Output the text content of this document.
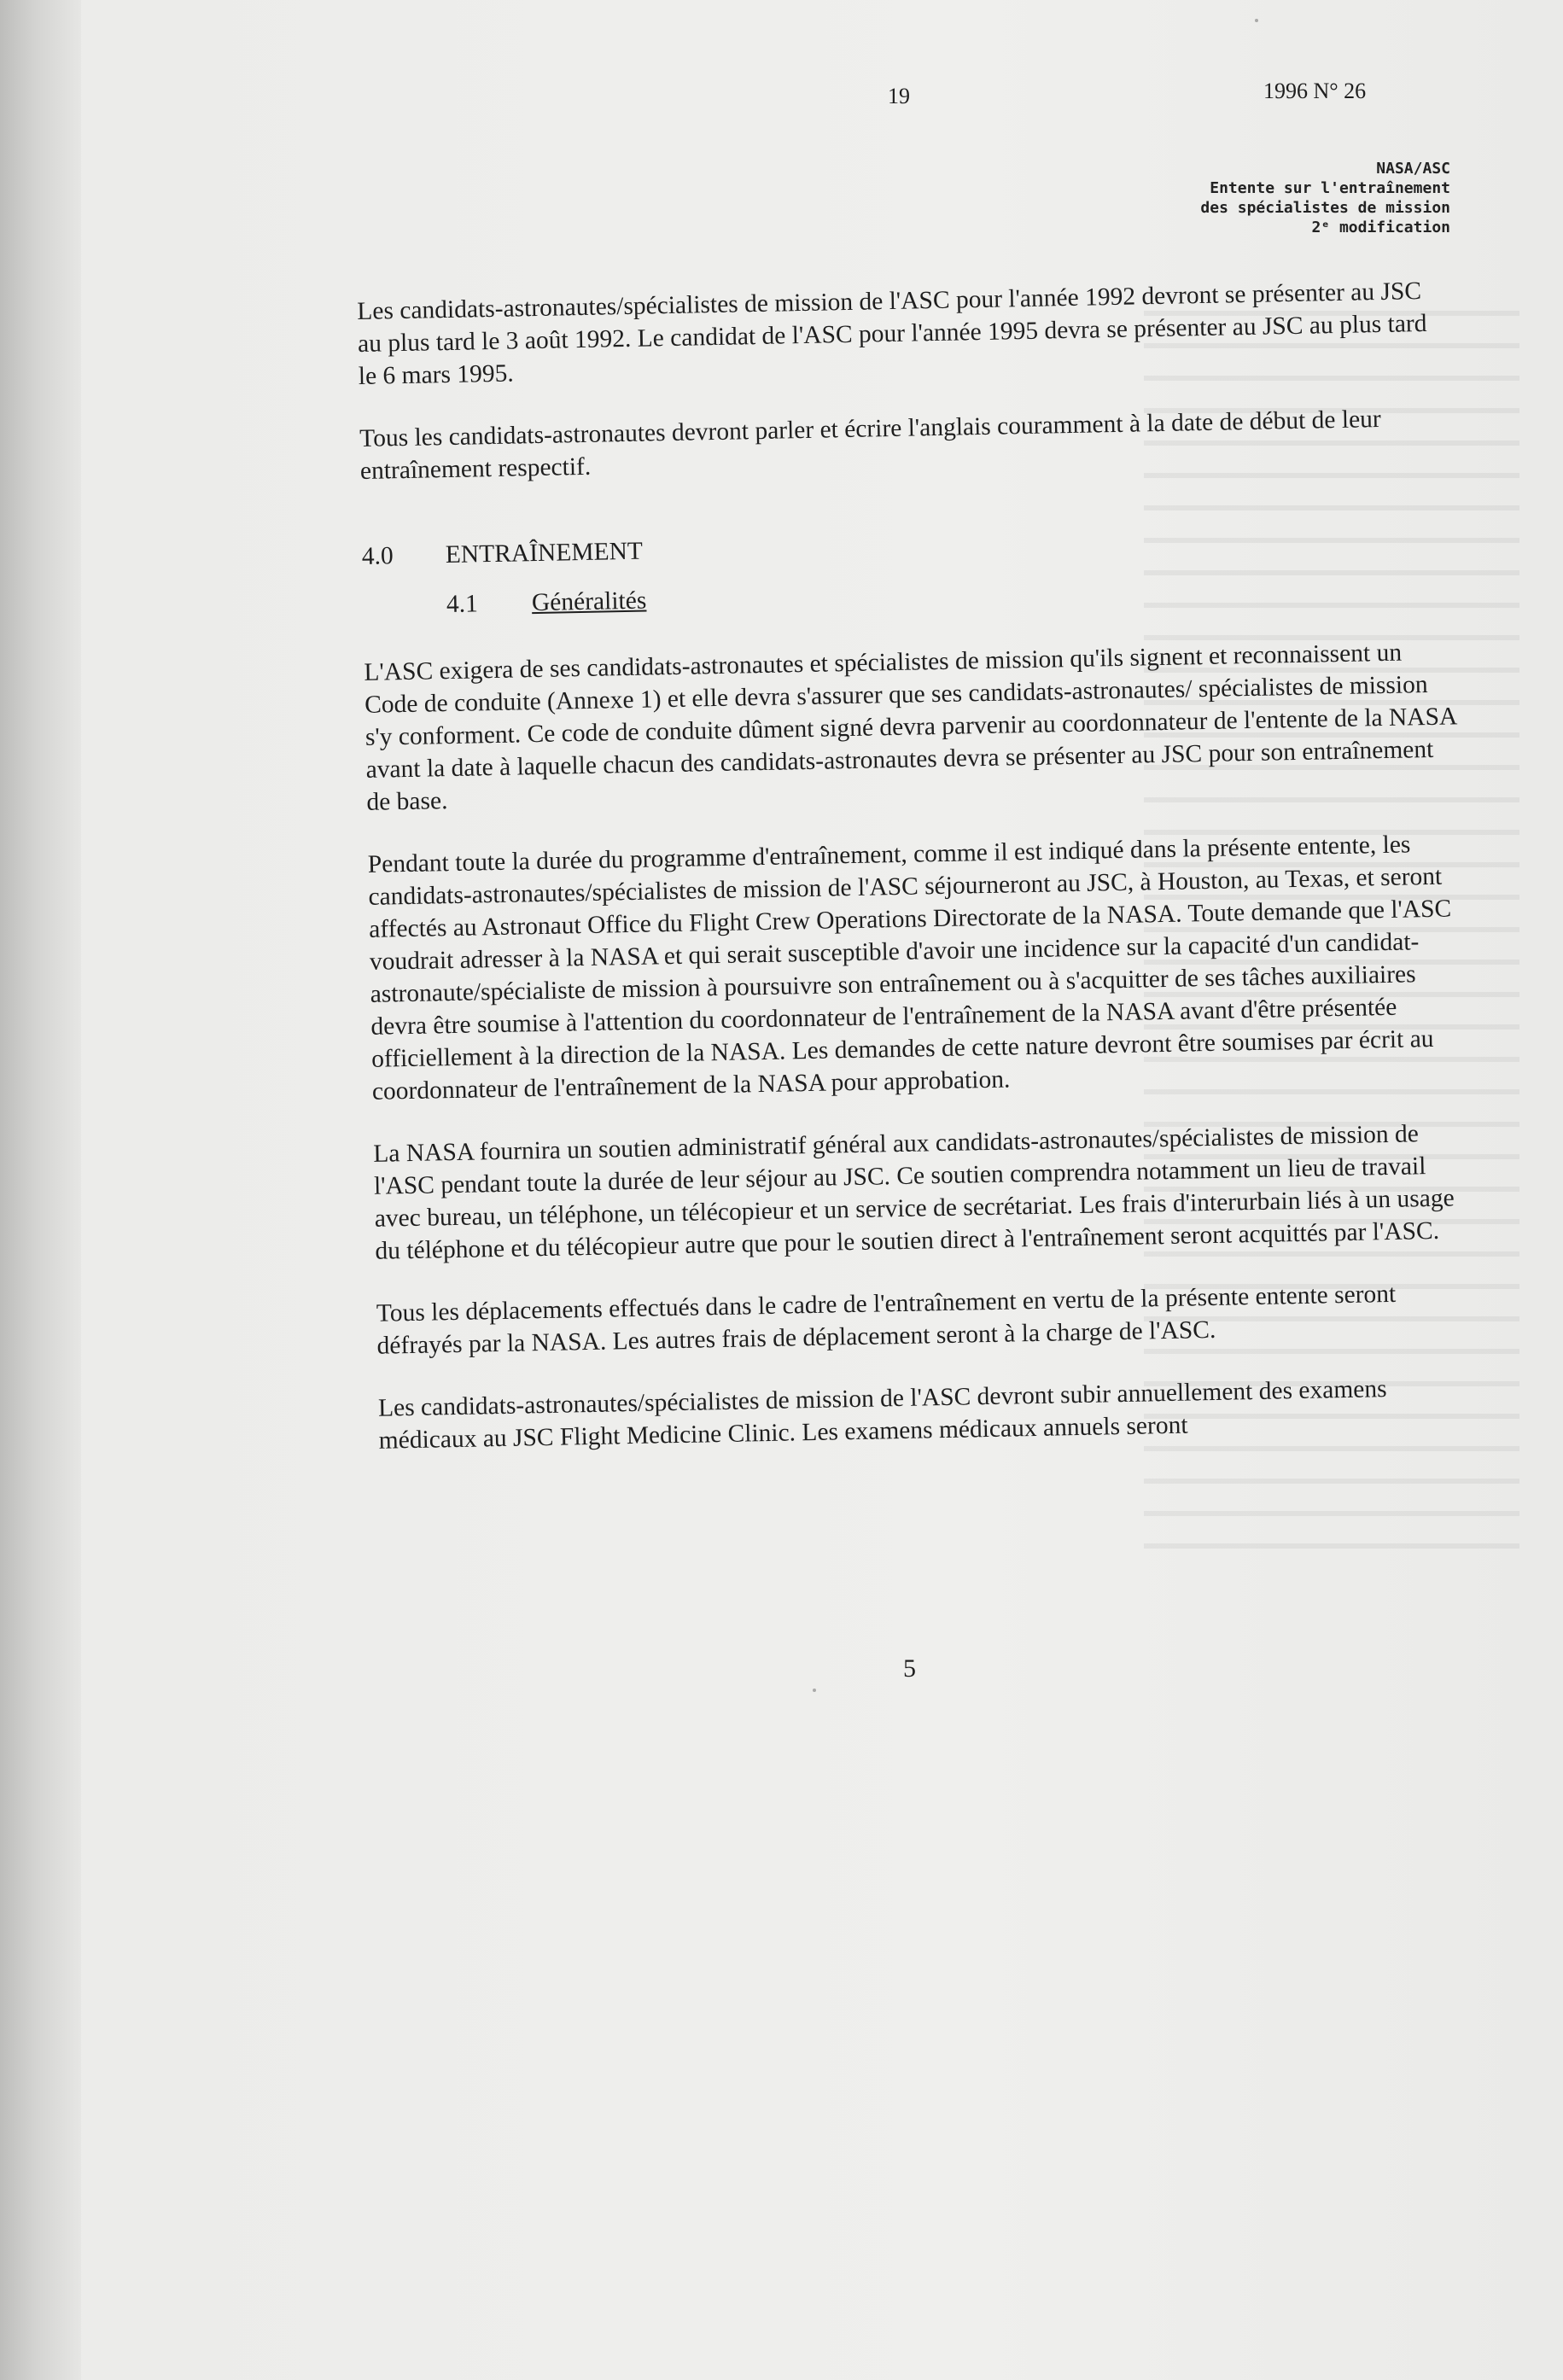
19	1996 N° 26
NASA/ASC
Entente sur l'entraînement
des spécialistes de mission
2ᵉ modification

Les candidats-astronautes/spécialistes de mission de l'ASC pour l'année 1992 devront se présenter au JSC au plus tard le 3 août 1992. Le candidat de l'ASC pour l'année 1995 devra se présenter au JSC au plus tard le 6 mars 1995.

Tous les candidats-astronautes devront parler et écrire l'anglais couramment à la date de début de leur entraînement respectif.

4.0 ENTRAÎNEMENT
4.1 Généralités

L'ASC exigera de ses candidats-astronautes et spécialistes de mission qu'ils signent et reconnaissent un Code de conduite (Annexe 1) et elle devra s'assurer que ses candidats-astronautes/ spécialistes de mission s'y conforment. Ce code de conduite dûment signé devra parvenir au coordonnateur de l'entente de la NASA avant la date à laquelle chacun des candidats-astronautes devra se présenter au JSC pour son entraînement de base.

Pendant toute la durée du programme d'entraînement, comme il est indiqué dans la présente entente, les candidats-astronautes/spécialistes de mission de l'ASC séjourneront au JSC, à Houston, au Texas, et seront affectés au Astronaut Office du Flight Crew Operations Directorate de la NASA. Toute demande que l'ASC voudrait adresser à la NASA et qui serait susceptible d'avoir une incidence sur la capacité d'un candidat-astronaute/spécialiste de mission à poursuivre son entraînement ou à s'acquitter de ses tâches auxiliaires devra être soumise à l'attention du coordonnateur de l'entraînement de la NASA avant d'être présentée officiellement à la direction de la NASA. Les demandes de cette nature devront être soumises par écrit au coordonnateur de l'entraînement de la NASA pour approbation.

La NASA fournira un soutien administratif général aux candidats-astronautes/spécialistes de mission de l'ASC pendant toute la durée de leur séjour au JSC. Ce soutien comprendra notamment un lieu de travail avec bureau, un téléphone, un télécopieur et un service de secrétariat. Les frais d'interurbain liés à un usage du téléphone et du télécopieur autre que pour le soutien direct à l'entraînement seront acquittés par l'ASC.

Tous les déplacements effectués dans le cadre de l'entraînement en vertu de la présente entente seront défrayés par la NASA. Les autres frais de déplacement seront à la charge de l'ASC.

Les candidats-astronautes/spécialistes de mission de l'ASC devront subir annuellement des examens médicaux au JSC Flight Medicine Clinic. Les examens médicaux annuels seront

5
